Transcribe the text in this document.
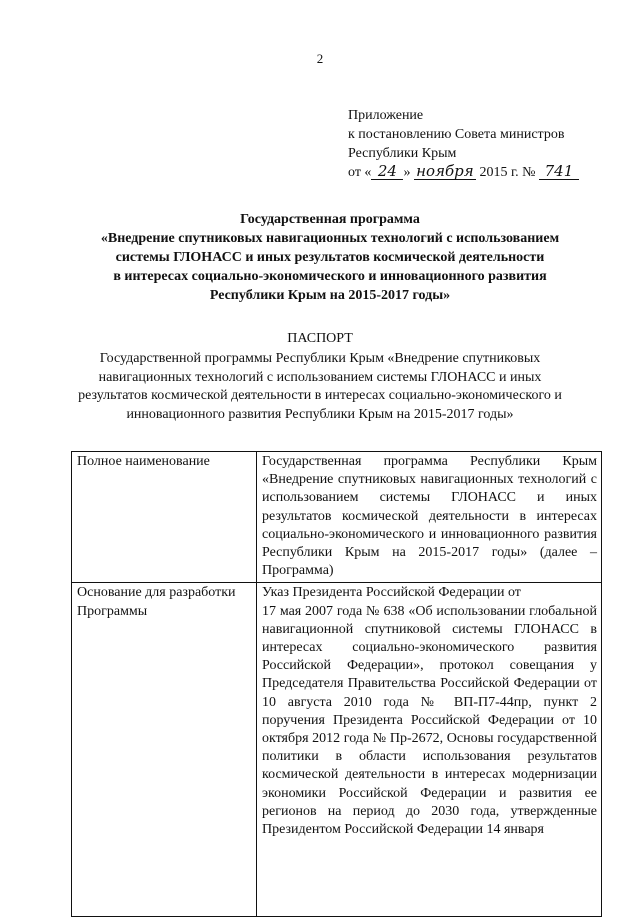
2
Приложение
к постановлению Совета министров
Республики Крым
от « 24 » ноября 2015 г. № 741
Государственная программа
«Внедрение спутниковых навигационных технологий с использованием
системы ГЛОНАСС и иных результатов космической деятельности
в интересах социально-экономического и инновационного развития
Республики Крым на 2015-2017 годы»
ПАСПОРТ
Государственной программы Республики Крым «Внедрение спутниковых навигационных технологий с использованием системы ГЛОНАСС и иных результатов космической деятельности в интересах социально-экономического и инновационного развития Республики Крым на 2015-2017 годы»
Полное наименование	Государственная программа Республики Крым «Внедрение спутниковых навигационных технологий с использованием системы ГЛОНАСС и иных результатов космической деятельности в интересах социально-экономического и инновационного развития Республики Крым на 2015-2017 годы» (далее – Программа)
Основание для разработки Программы	Указ Президента Российской Федерации от
17 мая 2007 года № 638 «Об использовании глобальной навигационной спутниковой системы ГЛОНАСС в интересах социально-экономического развития Российской Федерации», протокол совещания у Председателя Правительства Российской Федерации от 10 августа 2010 года № ВП-П7-44пр, пункт 2 поручения Президента Российской Федерации от 10 октября 2012 года № Пр-2672, Основы государственной политики в области использования результатов космической деятельности в интересах модернизации экономики Российской Федерации и развития ее регионов на период до 2030 года, утвержденные Президентом Российской Федерации 14 января
